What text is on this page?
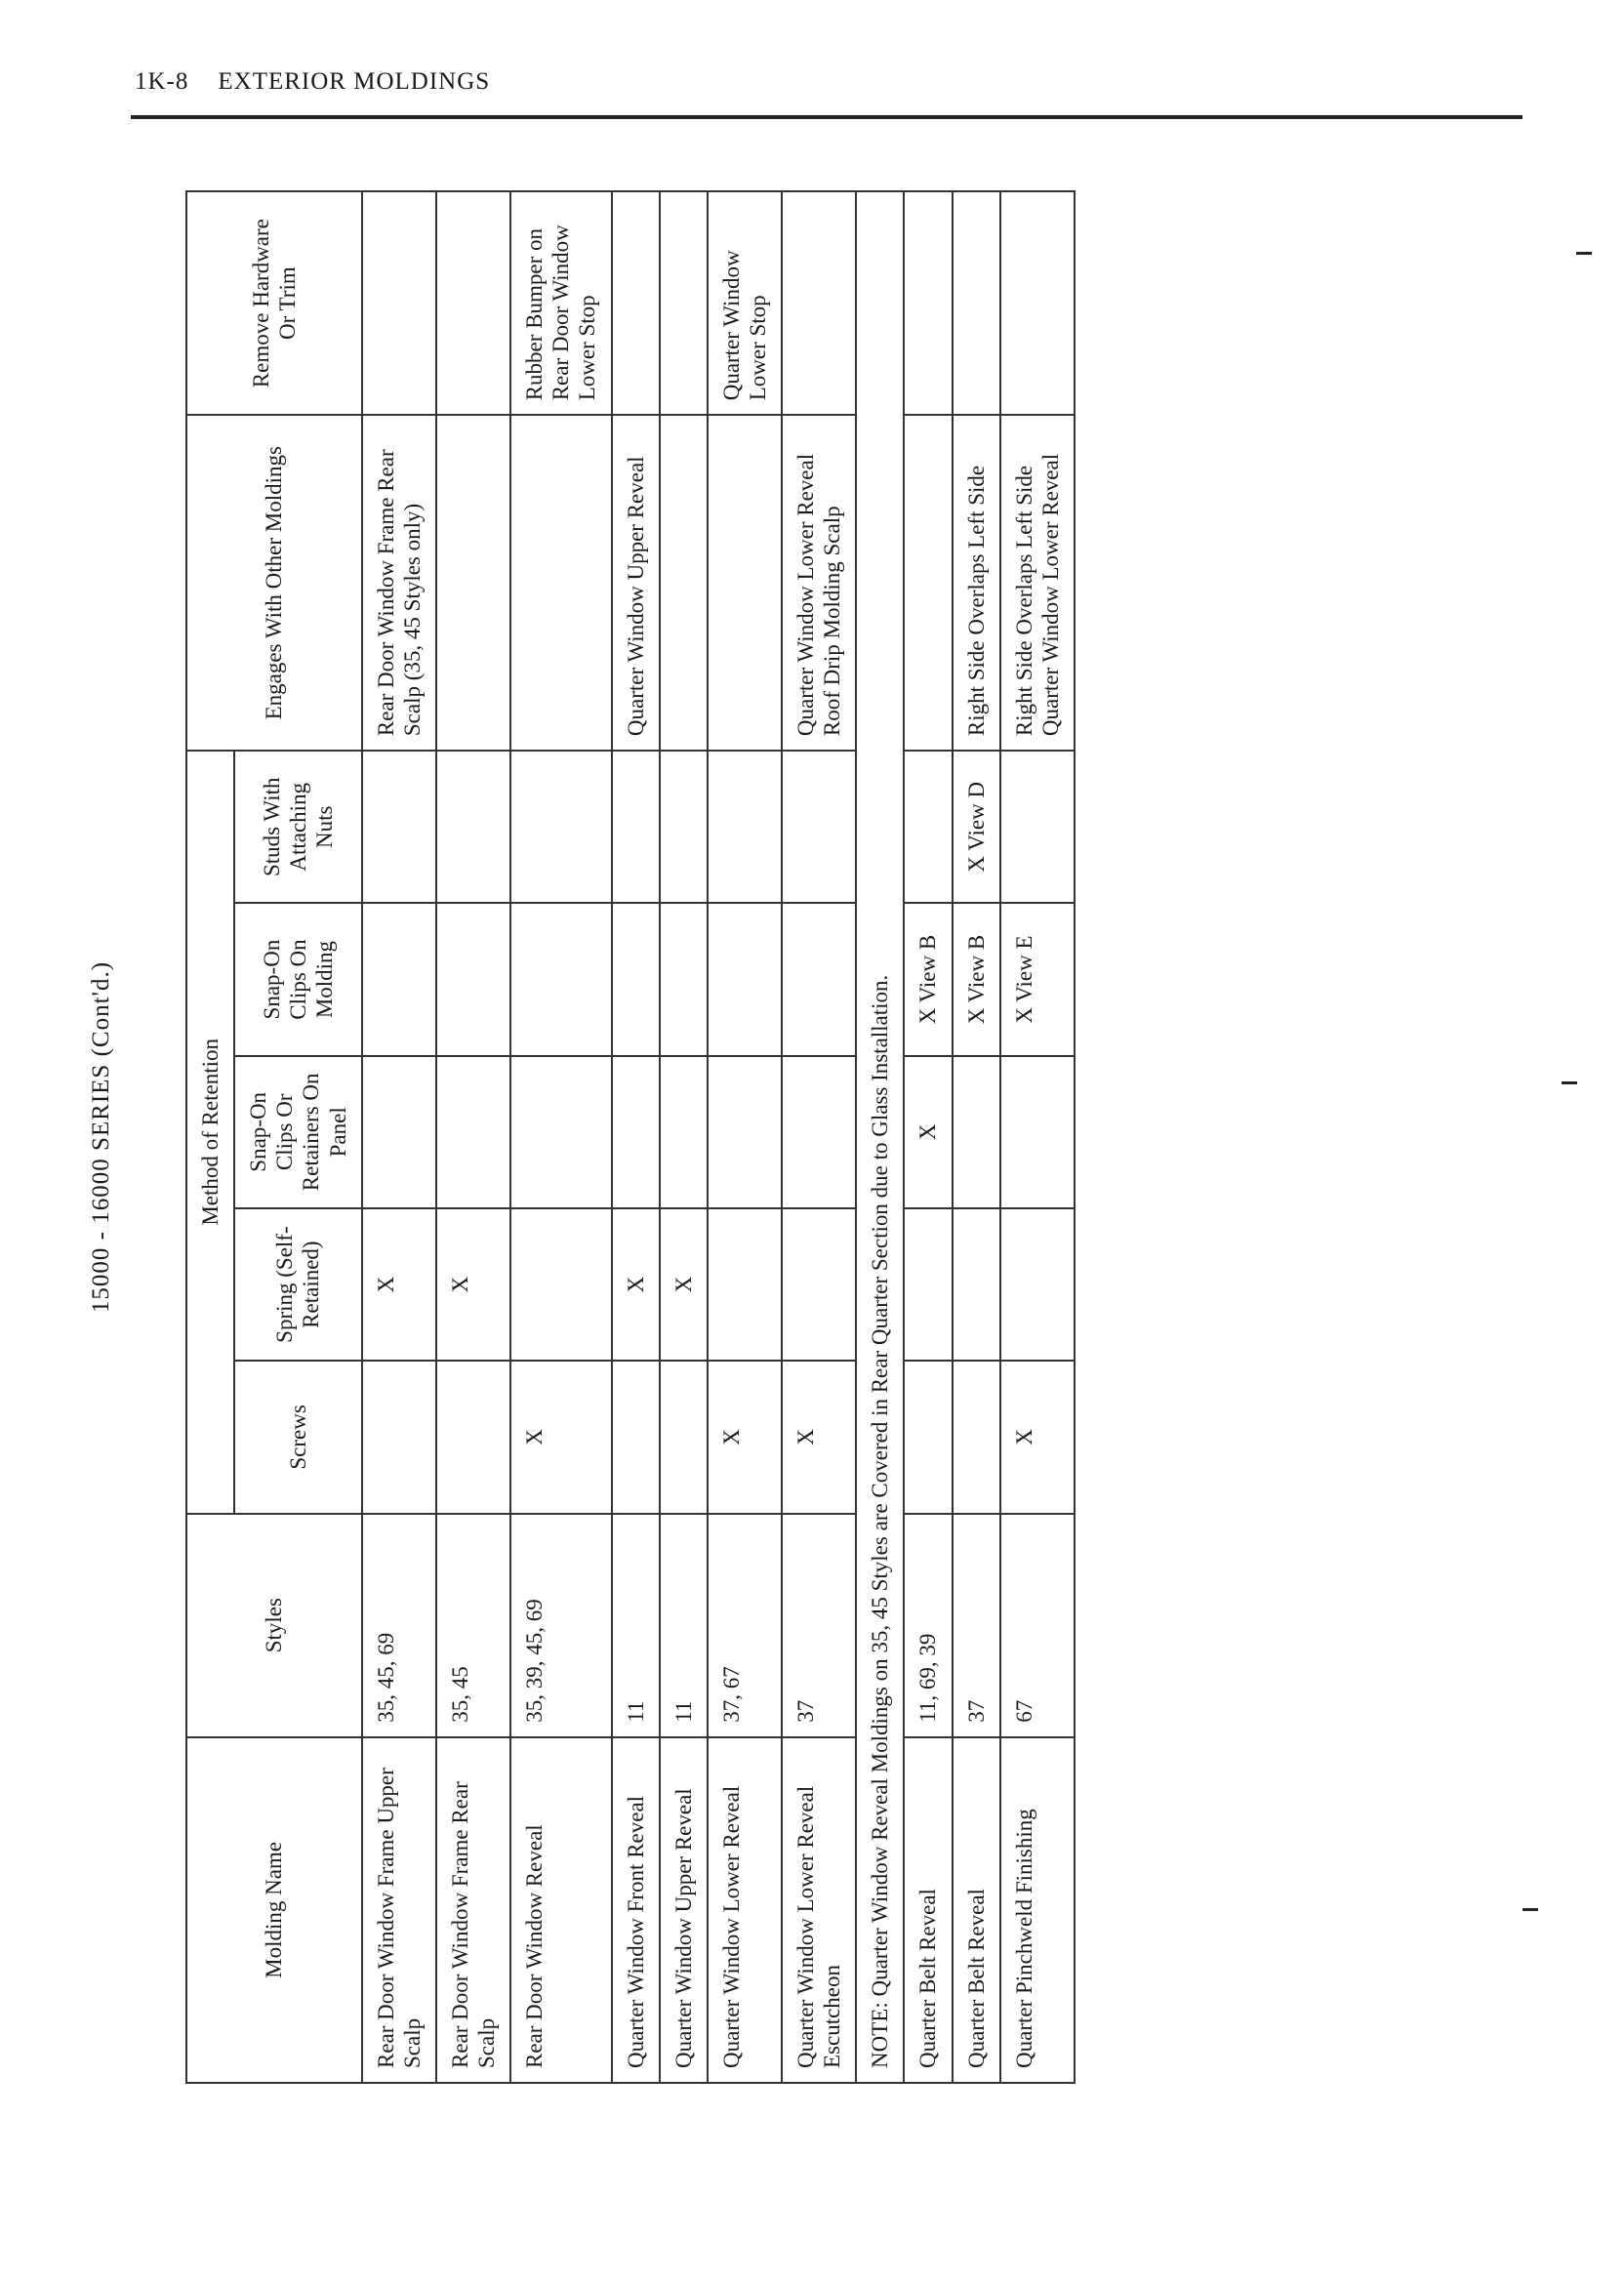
1K-8 EXTERIOR MOLDINGS
15000 - 16000 SERIES (Cont'd.)
Molding Name	Styles	Method of Retention					Engages With Other Moldings	Remove Hardware Or Trim
		Screws	Spring (Self-Retained)	Snap-On Clips Or Retainers On Panel	Snap-On Clips On Molding	Studs With Attaching Nuts		
Rear Door Window Frame Upper Scalp	35, 45, 69		X				Rear Door Window Frame Rear Scalp (35, 45 Styles only)	
Rear Door Window Frame Rear Scalp	35, 45		X					
Rear Door Window Reveal	35, 39, 45, 69	X						Rubber Bumper on Rear Door Window Lower Stop
Quarter Window Front Reveal	11		X				Quarter Window Upper Reveal	
Quarter Window Upper Reveal	11		X					
Quarter Window Lower Reveal	37, 67	X						Quarter Window Lower Stop
Quarter Window Lower Reveal Escutcheon	37	X					Quarter Window Lower Reveal Roof Drip Molding Scalp	
NOTE: Quarter Window Reveal Moldings on 35, 45 Styles are Covered in Rear Quarter Section due to Glass Installation.								
Quarter Belt Reveal	11, 69, 39			X	X View B			
Quarter Belt Reveal	37				X View B	X View D	Right Side Overlaps Left Side	
Quarter Pinchweld Finishing	67	X			X View E		Right Side Overlaps Left Side Quarter Window Lower Reveal	
